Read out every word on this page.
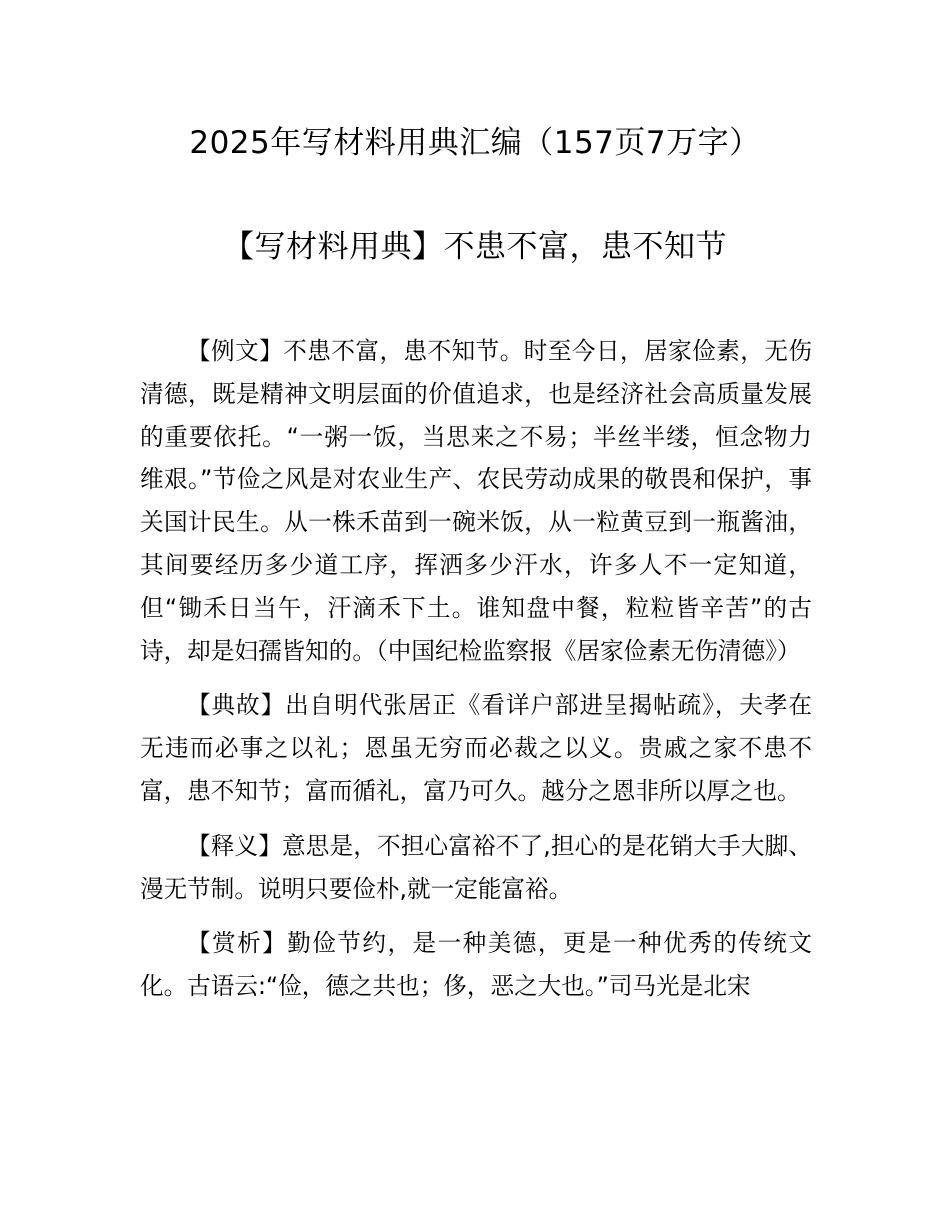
2025年写材料用典汇编（157页7万字）
【写材料用典】不患不富，患不知节

【例文】不患不富，患不知节。时至今日，居家俭素，无伤清德，既是精神文明层面的价值追求，也是经济社会高质量发展的重要依托。“一粥一饭，当思来之不易；半丝半缕，恒念物力维艰。”节俭之风是对农业生产、农民劳动成果的敬畏和保护，事关国计民生。从一株禾苗到一碗米饭，从一粒黄豆到一瓶酱油，其间要经历多少道工序，挥洒多少汗水，许多人不一定知道，但“锄禾日当午，汗滴禾下土。谁知盘中餐，粒粒皆辛苦”的古诗，却是妇孺皆知的。（中国纪检监察报《居家俭素无伤清德》）

【典故】出自明代张居正《看详户部进呈揭帖疏》，夫孝在无违而必事之以礼；恩虽无穷而必裁之以义。贵戚之家不患不富，患不知节；富而循礼，富乃可久。越分之恩非所以厚之也。

【释义】意思是，不担心富裕不了,担心的是花销大手大脚、漫无节制。说明只要俭朴,就一定能富裕。

【赏析】勤俭节约，是一种美德，更是一种优秀的传统文化。古语云:“俭，德之共也；侈，恶之大也。”司马光是北宋
